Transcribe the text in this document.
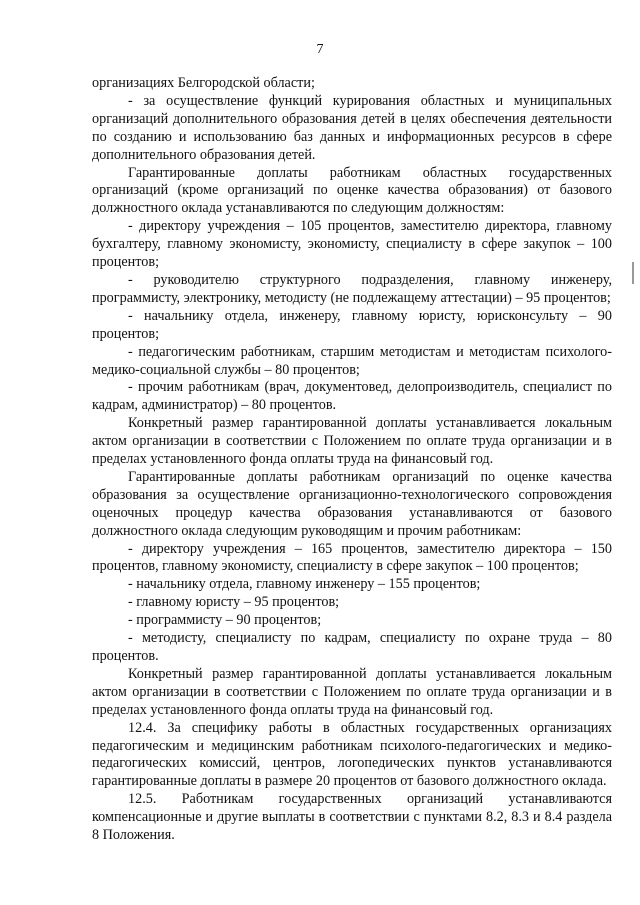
7

организациях Белгородской области;

- за осуществление функций курирования областных и муниципальных организаций дополнительного образования детей в целях обеспечения деятельности по созданию и использованию баз данных и информационных ресурсов в сфере дополнительного образования детей.

Гарантированные доплаты работникам областных государственных организаций (кроме организаций по оценке качества образования) от базового должностного оклада устанавливаются по следующим должностям:

- директору учреждения – 105 процентов, заместителю директора, главному бухгалтеру, главному экономисту, экономисту, специалисту в сфере закупок – 100 процентов;

- руководителю структурного подразделения, главному инженеру, программисту, электронику, методисту (не подлежащему аттестации) – 95 процентов;

- начальнику отдела, инженеру, главному юристу, юрисконсульту – 90 процентов;

- педагогическим работникам, старшим методистам и методистам психолого-медико-социальной службы – 80 процентов;

- прочим работникам (врач, документовед, делопроизводитель, специалист по кадрам, администратор) – 80 процентов.

Конкретный размер гарантированной доплаты устанавливается локальным актом организации в соответствии с Положением по оплате труда организации и в пределах установленного фонда оплаты труда на финансовый год.

Гарантированные доплаты работникам организаций по оценке качества образования за осуществление организационно-технологического сопровождения оценочных процедур качества образования устанавливаются от базового должностного оклада следующим руководящим и прочим работникам:

- директору учреждения – 165 процентов, заместителю директора – 150 процентов, главному экономисту, специалисту в сфере закупок – 100 процентов;

- начальнику отдела, главному инженеру – 155 процентов;

- главному юристу – 95 процентов;

- программисту – 90 процентов;

- методисту, специалисту по кадрам, специалисту по охране труда – 80 процентов.

Конкретный размер гарантированной доплаты устанавливается локальным актом организации в соответствии с Положением по оплате труда организации и в пределах установленного фонда оплаты труда на финансовый год.

12.4. За специфику работы в областных государственных организациях педагогическим и медицинским работникам психолого-педагогических и медико-педагогических комиссий, центров, логопедических пунктов устанавливаются гарантированные доплаты в размере 20 процентов от базового должностного оклада.

12.5. Работникам государственных организаций устанавливаются компенсационные и другие выплаты в соответствии с пунктами 8.2, 8.3 и 8.4 раздела 8 Положения.
